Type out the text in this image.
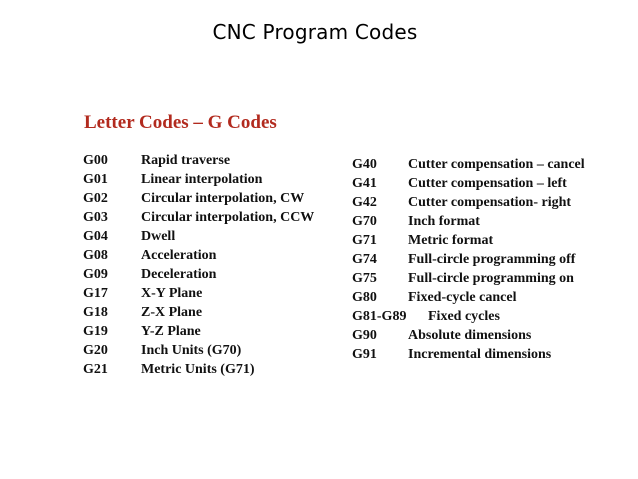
CNC Program Codes
Letter Codes – G Codes
G00 Rapid traverse
G01 Linear interpolation
G02 Circular interpolation, CW
G03 Circular interpolation, CCW
G04 Dwell
G08 Acceleration
G09 Deceleration
G17 X-Y Plane
G18 Z-X Plane
G19 Y-Z Plane
G20 Inch Units (G70)
G21 Metric Units (G71)
G40 Cutter compensation – cancel
G41 Cutter compensation – left
G42 Cutter compensation- right
G70 Inch format
G71 Metric format
G74 Full-circle programming off
G75 Full-circle programming on
G80 Fixed-cycle cancel
G81-G89 Fixed cycles
G90 Absolute dimensions
G91 Incremental dimensions
